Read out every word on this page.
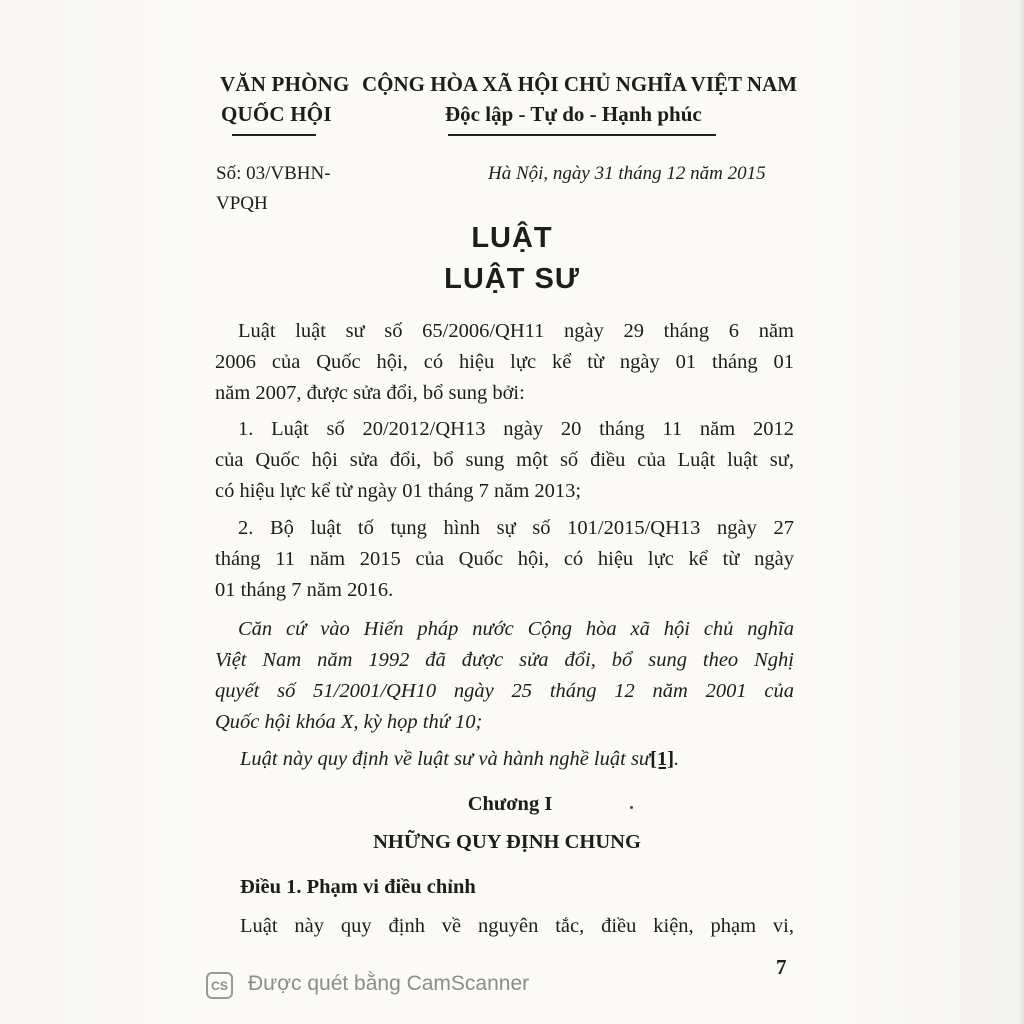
VĂN PHÒNG
QUỐC HỘI
CỘNG HÒA XÃ HỘI CHỦ NGHĨA VIỆT NAM
Độc lập - Tự do - Hạnh phúc
Số: 03/VBHN-
VPQH
Hà Nội, ngày 31 tháng 12 năm 2015
LUẬT
LUẬT SƯ
Luật luật sư số 65/2006/QH11 ngày 29 tháng 6 năm
2006 của Quốc hội, có hiệu lực kể từ ngày 01 tháng 01
năm 2007, được sửa đổi, bổ sung bởi:
1. Luật số 20/2012/QH13 ngày 20 tháng 11 năm 2012
của Quốc hội sửa đổi, bổ sung một số điều của Luật luật sư,
có hiệu lực kể từ ngày 01 tháng 7 năm 2013;
2. Bộ luật tố tụng hình sự số 101/2015/QH13 ngày 27
tháng 11 năm 2015 của Quốc hội, có hiệu lực kể từ ngày
01 tháng 7 năm 2016.
Căn cứ vào Hiến pháp nước Cộng hòa xã hội chủ nghĩa
Việt Nam năm 1992 đã được sửa đổi, bổ sung theo Nghị
quyết số 51/2001/QH10 ngày 25 tháng 12 năm 2001 của
Quốc hội khóa X, kỳ họp thứ 10;
Luật này quy định về luật sư và hành nghề luật sư[1].
Chương I
NHỮNG QUY ĐỊNH CHUNG
Điều 1. Phạm vi điều chỉnh
Luật này quy định về nguyên tắc, điều kiện, phạm vi,
7
CS Được quét bằng CamScanner
